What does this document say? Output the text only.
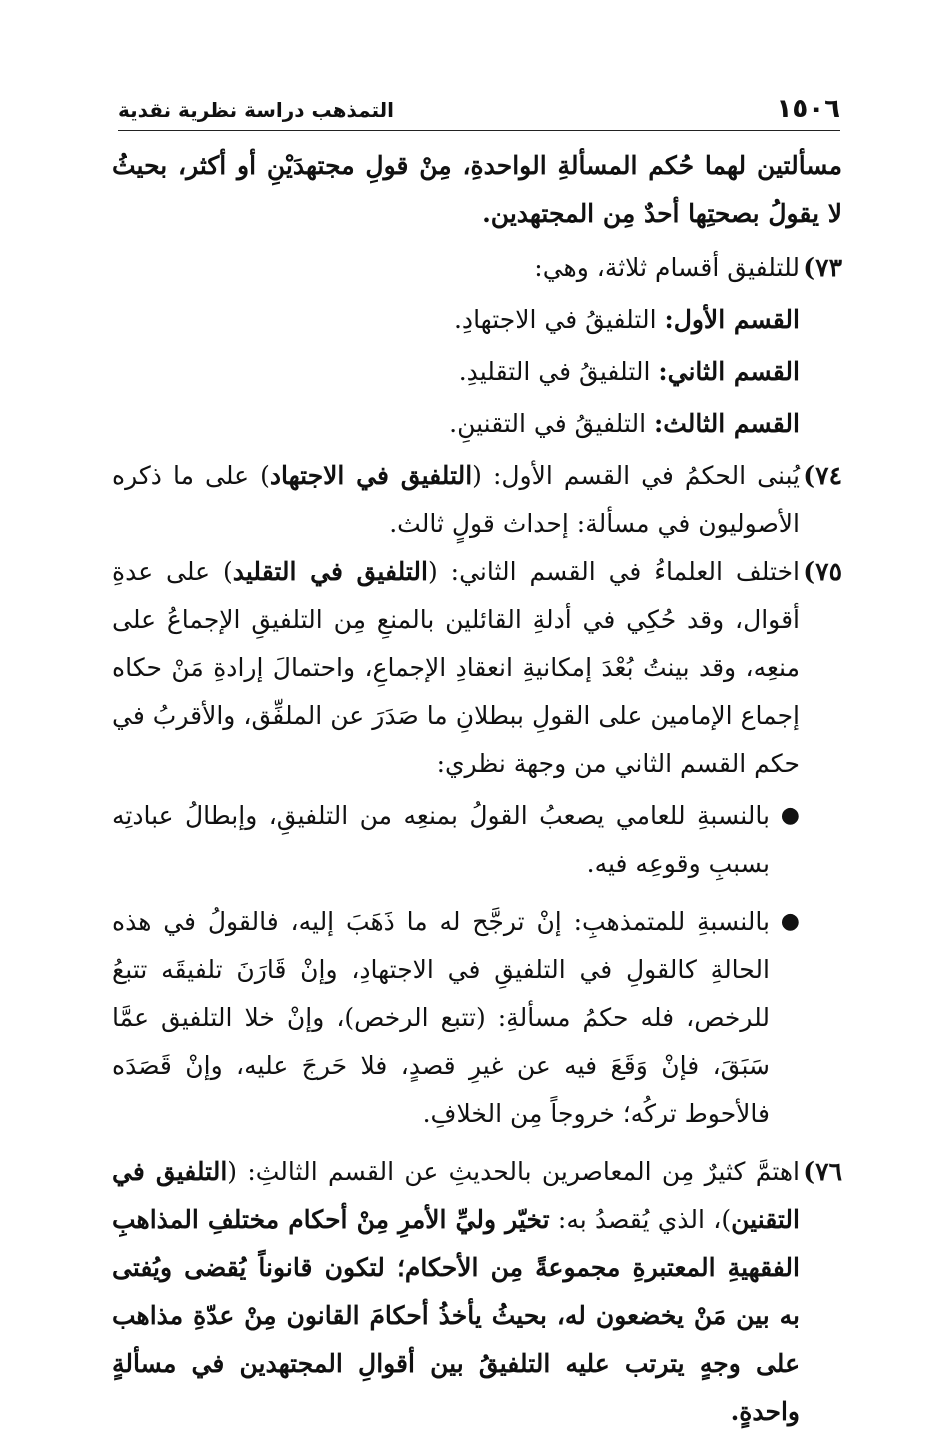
١٥٠٦
التمذهب دراسة نظرية نقدية

مسألتين لهما حُكم المسألةِ الواحدةِ، مِنْ قولِ مجتهدَيْنِ أو أكثر، بحيثُ لا يقولُ بصحتِها أحدٌ مِن المجتهدين.

٧٣)
للتلفيق أقسام ثلاثة، وهي:
القسم الأول: التلفيقُ في الاجتهادِ.
القسم الثاني: التلفيقُ في التقليدِ.
القسم الثالث: التلفيقُ في التقنينِ.
٧٤)
يُبنى الحكمُ في القسم الأول: (التلفيق في الاجتهاد) على ما ذكره الأصوليون في مسألة: إحداث قولٍ ثالث.
٧٥)
اختلف العلماءُ في القسم الثاني: (التلفيق في التقليد) على عدةِ أقوال، وقد حُكِي في أدلةِ القائلين بالمنعِ مِن التلفيقِ الإجماعُ على منعِه، وقد بينتُ بُعْدَ إمكانيةِ انعقادِ الإجماعِ، واحتمالَ إرادةِ مَنْ حكاه إجماع الإمامين على القولِ ببطلانِ ما صَدَرَ عن الملفِّق، والأقربُ في حكم القسم الثاني من وجهة نظري:
●
بالنسبةِ للعامي يصعبُ القولُ بمنعِه من التلفيقِ، وإبطالُ عبادتِه بسببِ وقوعِه فيه.
●
بالنسبةِ للمتمذهبِ: إنْ ترجَّح له ما ذَهَبَ إليه، فالقولُ في هذه الحالةِ كالقولِ في التلفيقِ في الاجتهادِ، وإنْ قَارَنَ تلفيقَه تتبعُ للرخص، فله حكمُ مسألةِ: (تتبع الرخص)، وإنْ خلا التلفيق عمَّا سَبَقَ، فإنْ وَقَعَ فيه عن غيرِ قصدٍ، فلا حَرجَ عليه، وإنْ قَصَدَه فالأحوط تركُه؛ خروجاً مِن الخلافِ.
٧٦)
اهتمَّ كثيرٌ مِن المعاصرين بالحديثِ عن القسم الثالثِ: (التلفيق في التقنين)، الذي يُقصدُ به: تخيّر وليِّ الأمرِ مِنْ أحكام مختلفِ المذاهبِ الفقهيةِ المعتبرةِ مجموعةً مِن الأحكام؛ لتكون قانوناً يُقضى ويُفتى به بين مَنْ يخضعون له، بحيثُ يأخذُ أحكامَ القانون مِنْ عدّةِ مذاهب على وجهٍ يترتب عليه التلفيقُ بين أقوالِ المجتهدين في مسألةٍ واحدةٍ.
